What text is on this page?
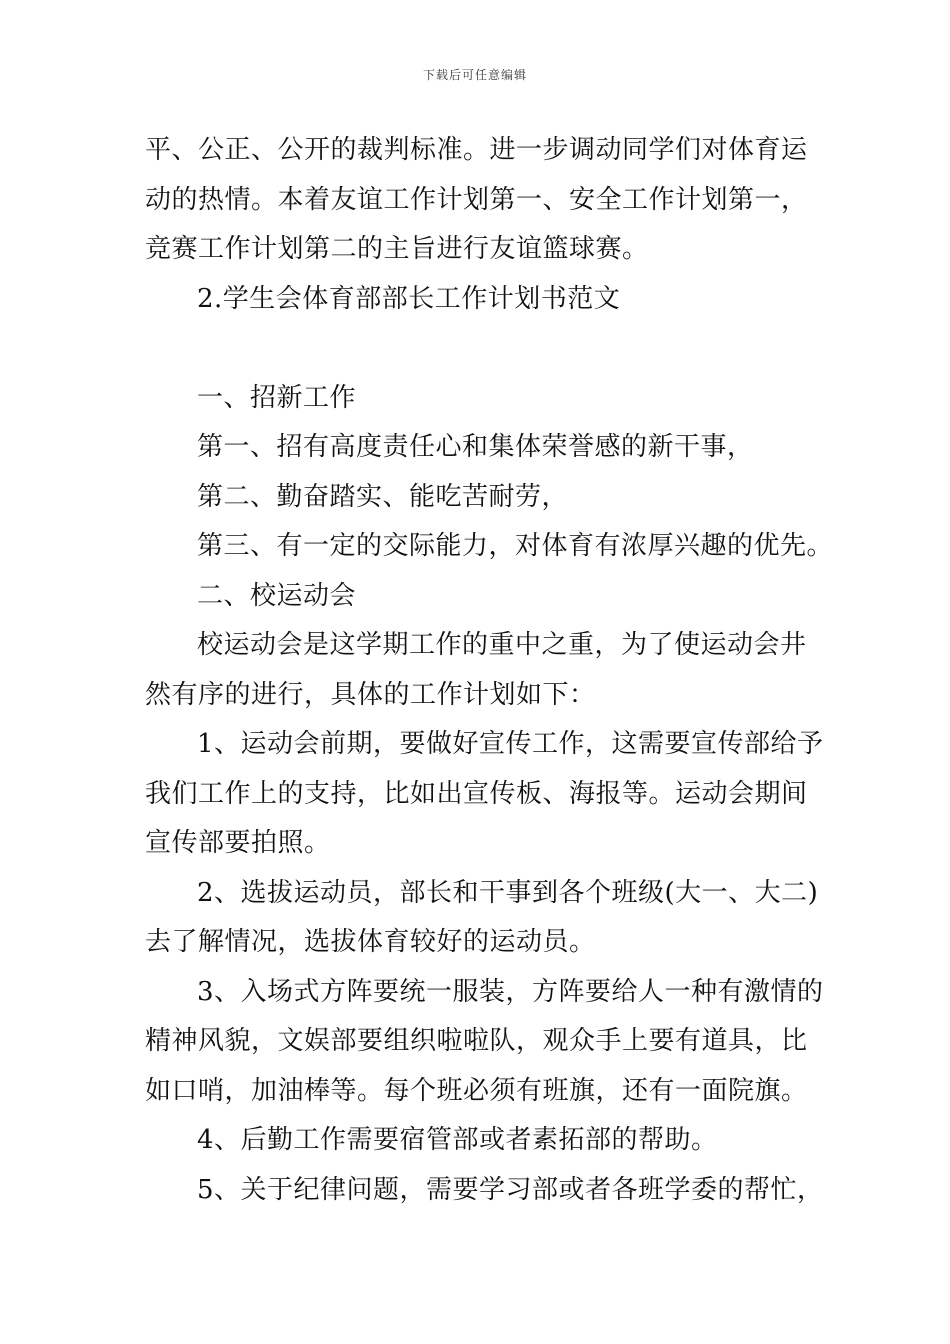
下载后可任意编辑
平、公正、公开的裁判标准。进一步调动同学们对体育运
动的热情。本着友谊工作计划第一、安全工作计划第一，
竞赛工作计划第二的主旨进行友谊篮球赛。
2.学生会体育部部长工作计划书范文
一、招新工作
第一、招有高度责任心和集体荣誉感的新干事，
第二、勤奋踏实、能吃苦耐劳，
第三、有一定的交际能力，对体育有浓厚兴趣的优先。
二、校运动会
校运动会是这学期工作的重中之重，为了使运动会井
然有序的进行，具体的工作计划如下：
1、运动会前期，要做好宣传工作，这需要宣传部给予
我们工作上的支持，比如出宣传板、海报等。运动会期间
宣传部要拍照。
2、选拔运动员，部长和干事到各个班级(大一、大二)
去了解情况，选拔体育较好的运动员。
3、入场式方阵要统一服装，方阵要给人一种有激情的
精神风貌，文娱部要组织啦啦队，观众手上要有道具，比
如口哨，加油棒等。每个班必须有班旗，还有一面院旗。
4、后勤工作需要宿管部或者素拓部的帮助。
5、关于纪律问题，需要学习部或者各班学委的帮忙，
